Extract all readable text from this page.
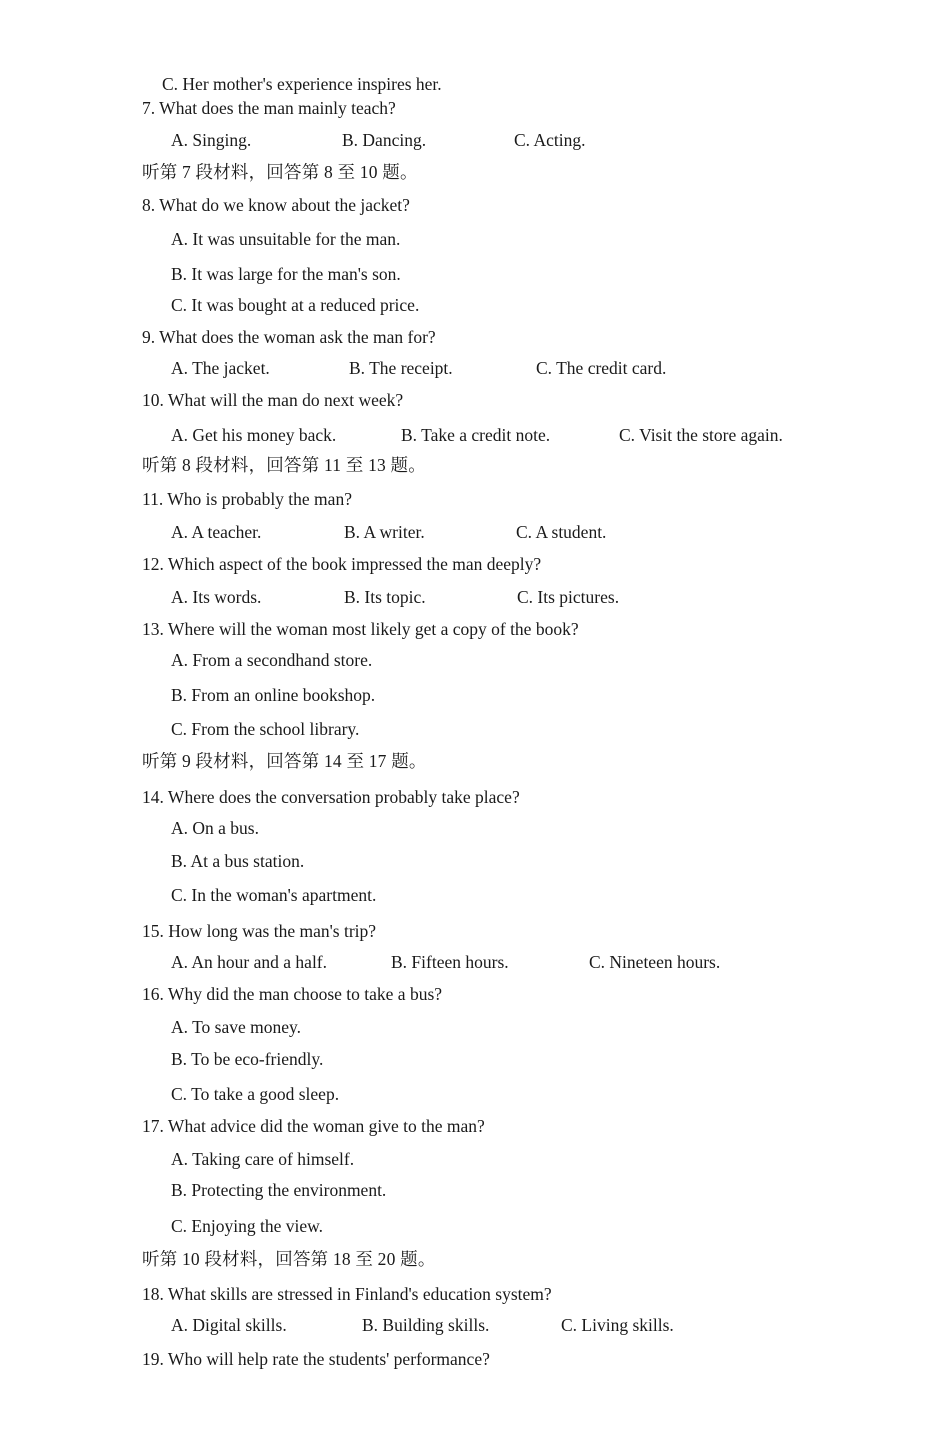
C. Her mother's experience inspires her.
7. What does the man mainly teach?
A. Singing.	B. Dancing.	C. Acting.
听第 7 段材料，回答第 8 至 10 题。
8. What do we know about the jacket?
A. It was unsuitable for the man.
B. It was large for the man's son.
C. It was bought at a reduced price.
9. What does the woman ask the man for?
A. The jacket.	B. The receipt.	C. The credit card.
10. What will the man do next week?
A. Get his money back.	B. Take a credit note.	C. Visit the store again.
听第 8 段材料，回答第 11 至 13 题。
11. Who is probably the man?
A. A teacher.	B. A writer.	C. A student.
12. Which aspect of the book impressed the man deeply?
A. Its words.	B. Its topic.	C. Its pictures.
13. Where will the woman most likely get a copy of the book?
A. From a secondhand store.
B. From an online bookshop.
C. From the school library.
听第 9 段材料，回答第 14 至 17 题。
14. Where does the conversation probably take place?
A. On a bus.
B. At a bus station.
C. In the woman's apartment.
15. How long was the man's trip?
A. An hour and a half.	B. Fifteen hours.	C. Nineteen hours.
16. Why did the man choose to take a bus?
A. To save money.
B. To be eco-friendly.
C. To take a good sleep.
17. What advice did the woman give to the man?
A. Taking care of himself.
B. Protecting the environment.
C. Enjoying the view.
听第 10 段材料，回答第 18 至 20 题。
18. What skills are stressed in Finland's education system?
A. Digital skills.	B. Building skills.	C. Living skills.
19. Who will help rate the students' performance?
